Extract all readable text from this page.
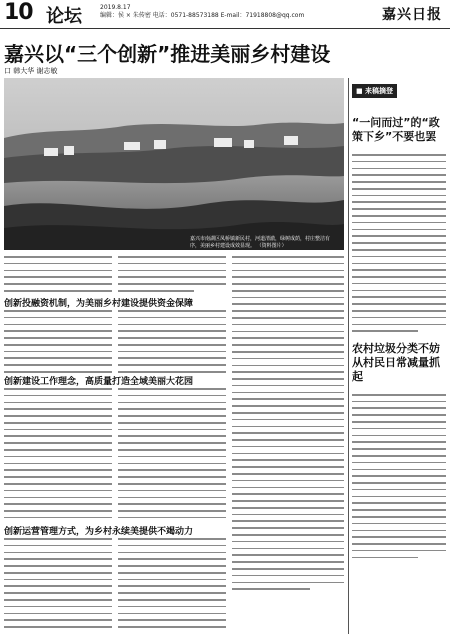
10 论坛	2019.8.17
编辑：侯 × 朱传密 电话：0571-88573188 E-mail：71918808@qq.com	嘉兴日报
嘉兴以“三个创新”推进美丽乡村建设
口 韩大华 谢志敏
嘉兴市南湖区凤桥镇新民村，河道清澈，绿树成荫，村庄整洁有序，美丽乡村建设成效显现。 （资料图片）
创新投融资机制，为美丽乡村建设提供资金保障
创新建设工作理念，高质量打造全域美丽大花园
创新运营管理方式，为乡村永续美提供不竭动力
■ 来稿摘登
“一问而过”的“政策下乡”不要也罢
农村垃圾分类不妨从村民日常减量抓起
